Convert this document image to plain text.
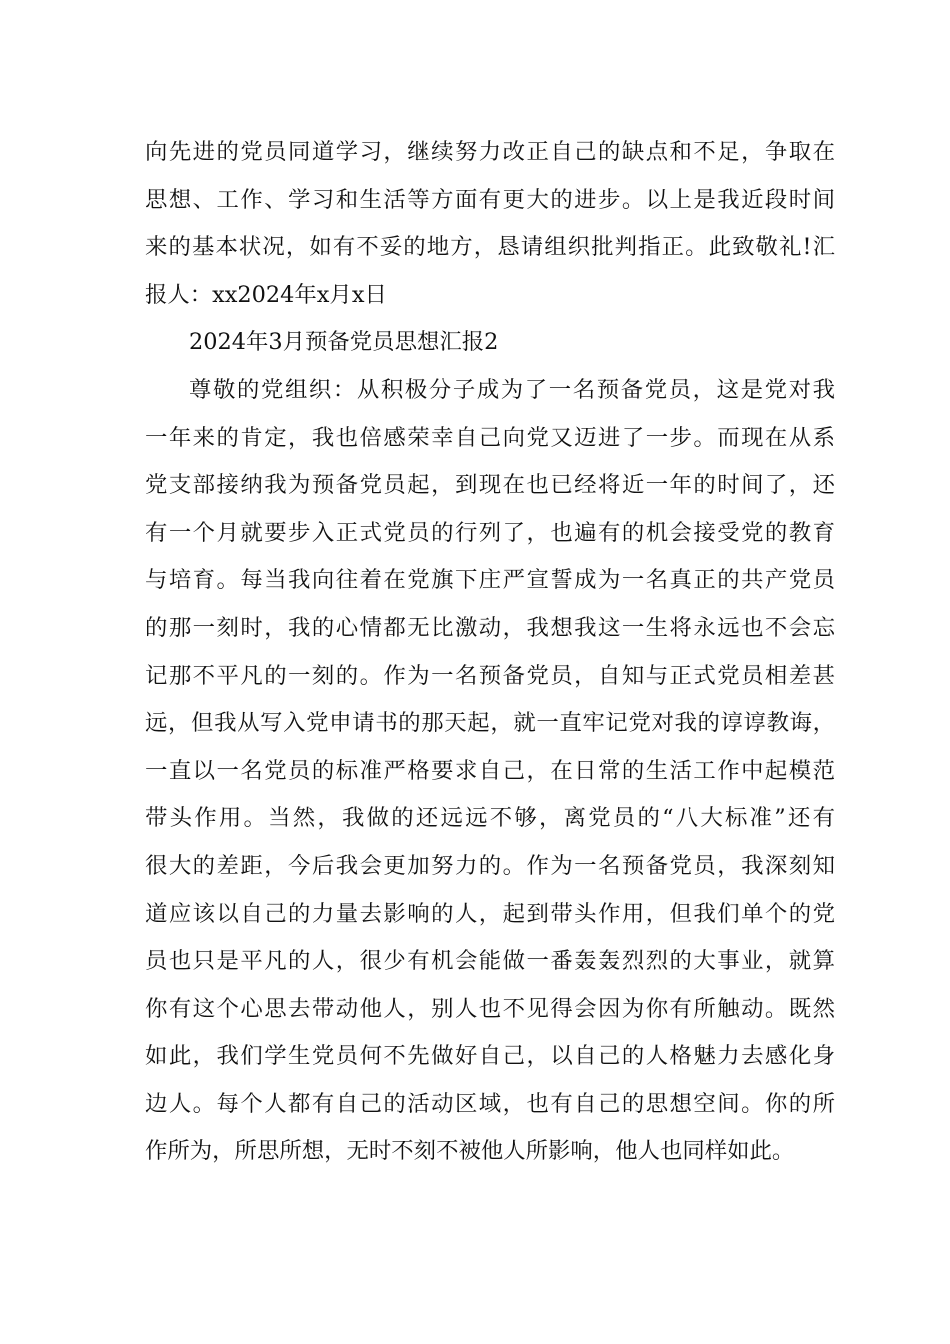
向先进的党员同道学习，继续努力改正自己的缺点和不足，争取在
思想、工作、学习和生活等方面有更大的进步。以上是我近段时间
来的基本状况，如有不妥的地方，恳请组织批判指正。此致敬礼!汇
报人：xx2024年x月x日
2024年3月预备党员思想汇报2
尊敬的党组织：从积极分子成为了一名预备党员，这是党对我
一年来的肯定，我也倍感荣幸自己向党又迈进了一步。而现在从系
党支部接纳我为预备党员起，到现在也已经将近一年的时间了，还
有一个月就要步入正式党员的行列了，也遍有的机会接受党的教育
与培育。每当我向往着在党旗下庄严宣誓成为一名真正的共产党员
的那一刻时，我的心情都无比激动，我想我这一生将永远也不会忘
记那不平凡的一刻的。作为一名预备党员，自知与正式党员相差甚
远，但我从写入党申请书的那天起，就一直牢记党对我的谆谆教诲，
一直以一名党员的标准严格要求自己，在日常的生活工作中起模范
带头作用。当然，我做的还远远不够，离党员的“八大标准”还有
很大的差距，今后我会更加努力的。作为一名预备党员，我深刻知
道应该以自己的力量去影响的人，起到带头作用，但我们单个的党
员也只是平凡的人，很少有机会能做一番轰轰烈烈的大事业，就算
你有这个心思去带动他人，别人也不见得会因为你有所触动。既然
如此，我们学生党员何不先做好自己，以自己的人格魅力去感化身
边人。每个人都有自己的活动区域，也有自己的思想空间。你的所
作所为，所思所想，无时不刻不被他人所影响，他人也同样如此。
